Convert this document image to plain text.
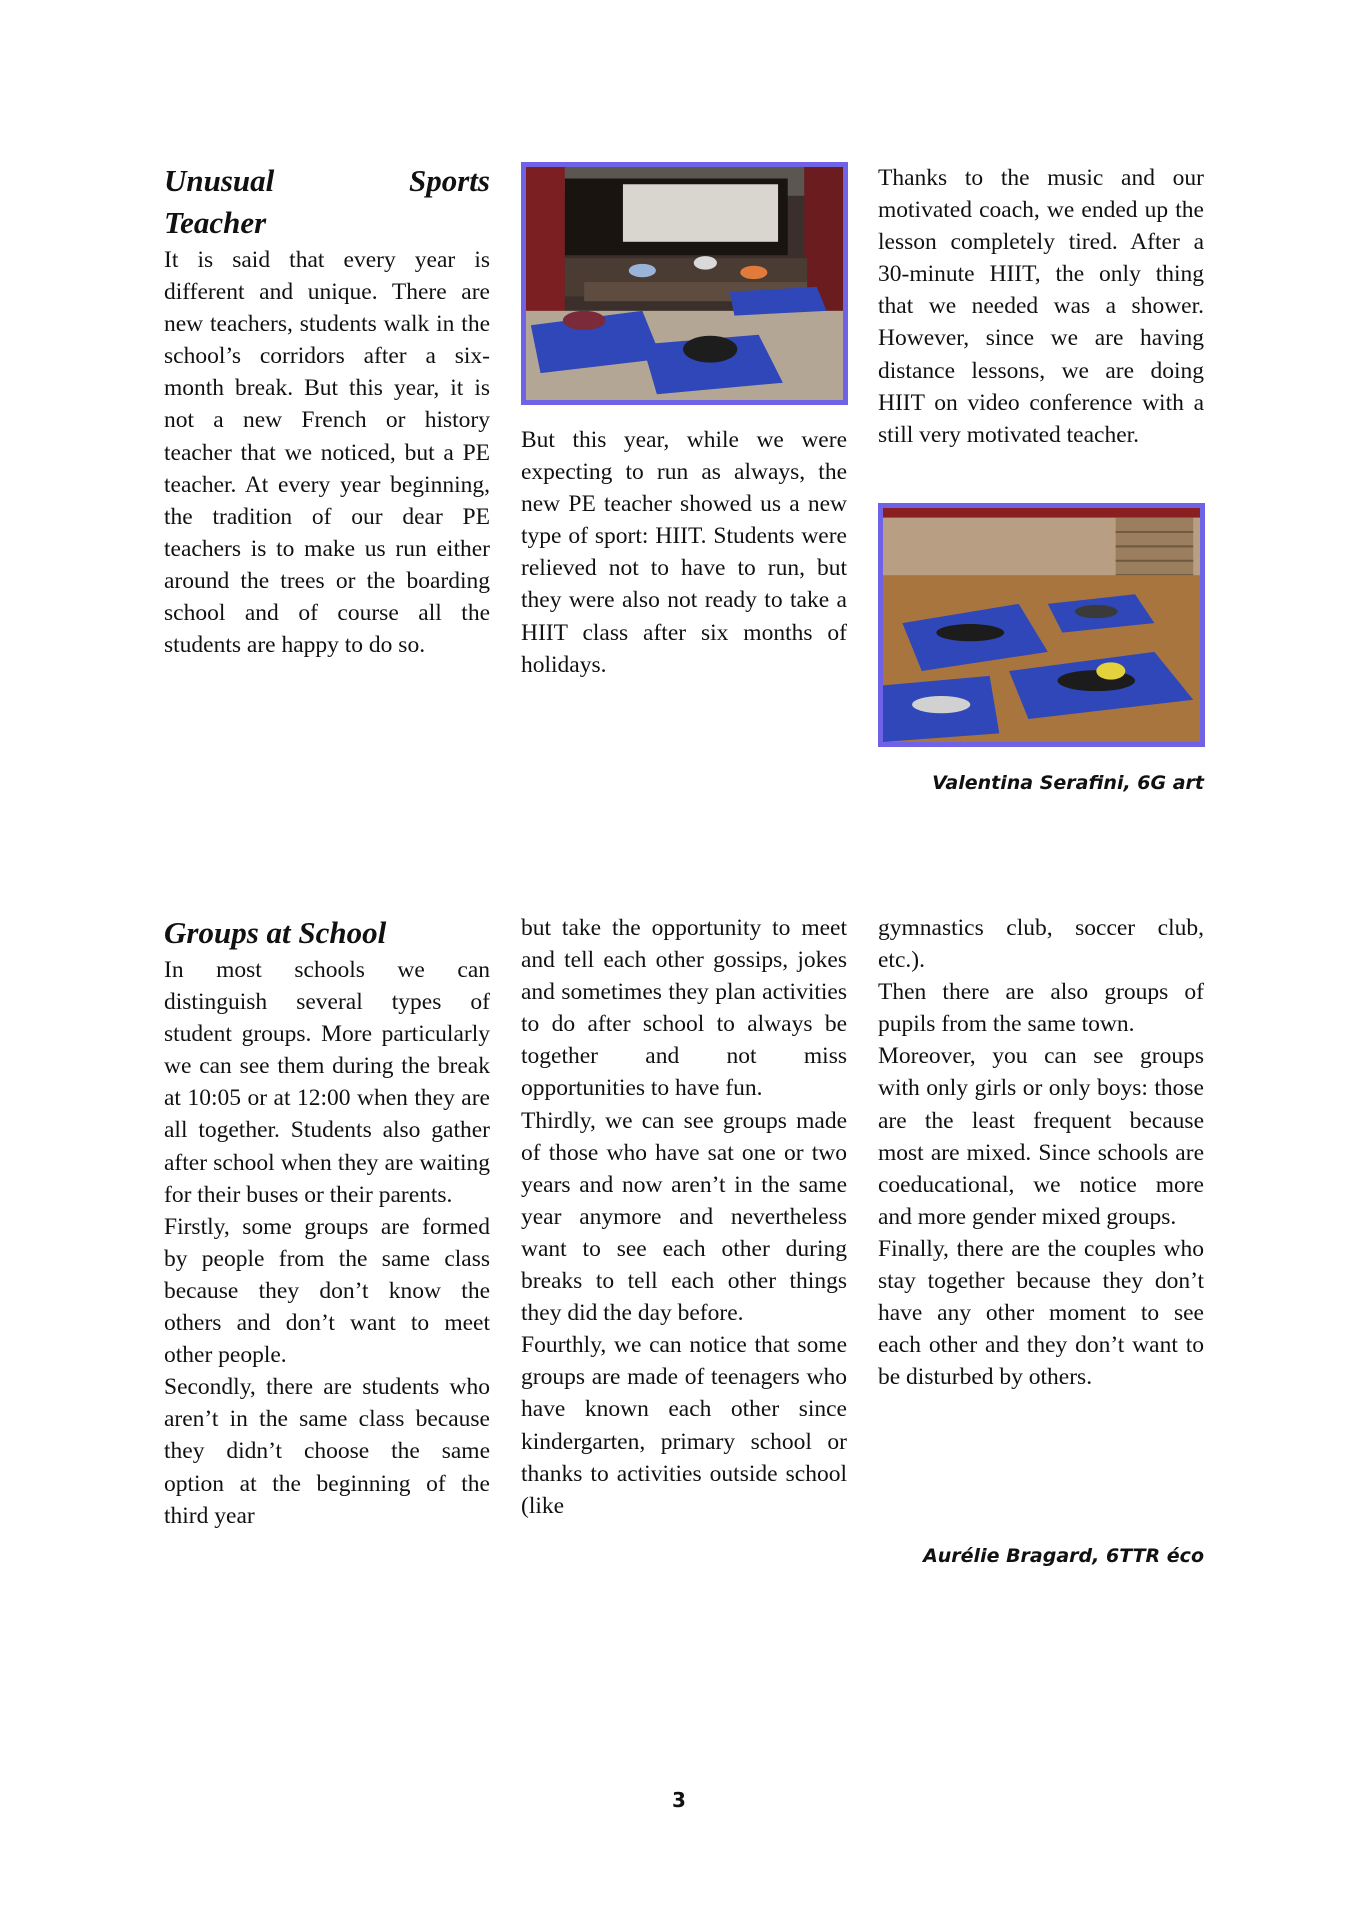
Unusual Sports
Teacher

It is said that every year is different and unique. There are new teachers, students walk in the school’s corridors after a six-month break. But this year, it is not a new French or history teacher that we noticed, but a PE teacher. At every year beginning, the tradition of our dear PE teachers is to make us run either around the trees or the boarding school and of course all the students are happy to do so.

But this year, while we were expecting to run as always, the new PE teacher showed us a new type of sport: HIIT. Students were relieved not to have to run, but they were also not ready to take a HIIT class after six months of holidays.

Thanks to the music and our motivated coach, we ended up the lesson completely tired. After a 30-minute HIIT, the only thing that we needed was a shower. However, since we are having distance lessons, we are doing HIIT on video conference with a still very motivated teacher.

Valentina Serafini, 6G art
Groups at School

In most schools we can distinguish several types of student groups. More particularly we can see them during the break at 10:05 or at 12:00 when they are all together. Students also gather after school when they are waiting for their buses or their parents.

Firstly, some groups are formed by people from the same class because they don’t know the others and don’t want to meet other people.

Secondly, there are students who aren’t in the same class because they didn’t choose the same option at the beginning of the third year

but take the opportunity to meet and tell each other gossips, jokes and sometimes they plan activities to do after school to always be together and not miss opportunities to have fun.

Thirdly, we can see groups made of those who have sat one or two years and now aren’t in the same year anymore and nevertheless want to see each other during breaks to tell each other things they did the day before.

Fourthly, we can notice that some groups are made of teenagers who have known each other since kindergarten, primary school or thanks to activities outside school (like

gymnastics club, soccer club, etc.).

Then there are also groups of pupils from the same town.

Moreover, you can see groups with only girls or only boys: those are the least frequent because most are mixed. Since schools are coeducational, we notice more and more gender mixed groups.

Finally, there are the couples who stay together because they don’t have any other moment to see each other and they don’t want to be disturbed by others.

Aurélie Bragard, 6TTR éco
3
